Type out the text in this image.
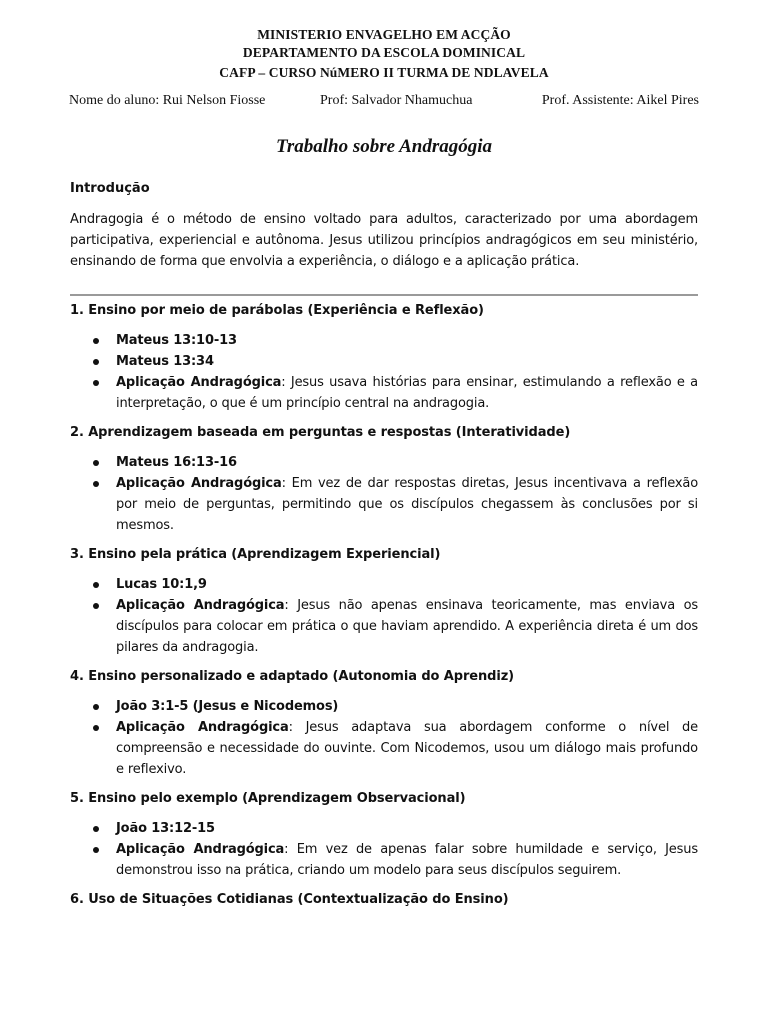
MINISTERIO ENVAGELHO EM ACÇÃO
DEPARTAMENTO DA ESCOLA DOMINICAL
CAFP – CURSO NúMERO II TURMA DE NDLAVELA
Nome do aluno: Rui Nelson Fiosse	Prof: Salvador Nhamuchua	Prof. Assistente: Aikel Pires
Trabalho sobre Andragógia

Introdução

Andragogia é o método de ensino voltado para adultos, caracterizado por uma abordagem participativa, experiencial e autônoma. Jesus utilizou princípios andragógicos em seu ministério, ensinando de forma que envolvia a experiência, o diálogo e a aplicação prática.

1. Ensino por meio de parábolas (Experiência e Reflexão)

Mateus 13:10-13
Mateus 13:34
Aplicação Andragógica: Jesus usava histórias para ensinar, estimulando a reflexão e a interpretação, o que é um princípio central na andragogia.

2. Aprendizagem baseada em perguntas e respostas (Interatividade)

Mateus 16:13-16
Aplicação Andragógica: Em vez de dar respostas diretas, Jesus incentivava a reflexão por meio de perguntas, permitindo que os discípulos chegassem às conclusões por si mesmos.

3. Ensino pela prática (Aprendizagem Experiencial)

Lucas 10:1,9
Aplicação Andragógica: Jesus não apenas ensinava teoricamente, mas enviava os discípulos para colocar em prática o que haviam aprendido. A experiência direta é um dos pilares da andragogia.

4. Ensino personalizado e adaptado (Autonomia do Aprendiz)

João 3:1-5 (Jesus e Nicodemos)
Aplicação Andragógica: Jesus adaptava sua abordagem conforme o nível de compreensão e necessidade do ouvinte. Com Nicodemos, usou um diálogo mais profundo e reflexivo.

5. Ensino pelo exemplo (Aprendizagem Observacional)

João 13:12-15
Aplicação Andragógica: Em vez de apenas falar sobre humildade e serviço, Jesus demonstrou isso na prática, criando um modelo para seus discípulos seguirem.

6. Uso de Situações Cotidianas (Contextualização do Ensino)
